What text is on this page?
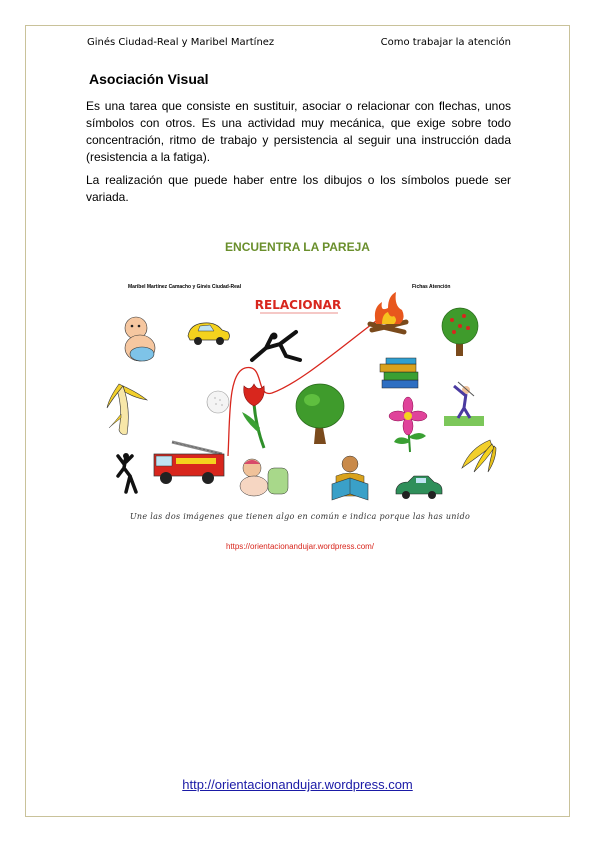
Ginés Ciudad-Real y Maribel Martínez	Como trabajar la atención
Asociación Visual

Es una tarea que consiste en sustituir, asociar o relacionar con flechas, unos símbolos con otros. Es una actividad muy mecánica, que exige sobre todo concentración, ritmo de trabajo y persistencia al seguir una instrucción dada (resistencia a la fatiga).

La realización que puede haber entre los dibujos o los símbolos puede ser variada.

ENCUENTRA LA PAREJA
RELACIONAR
Maribel Martínez Camacho y Ginés Ciudad-Real	Fichas Atención
Une las dos imágenes que tienen algo en común e indica porque las has unido
https://orientacionandujar.wordpress.com/
http://orientacionandujar.wordpress.com
